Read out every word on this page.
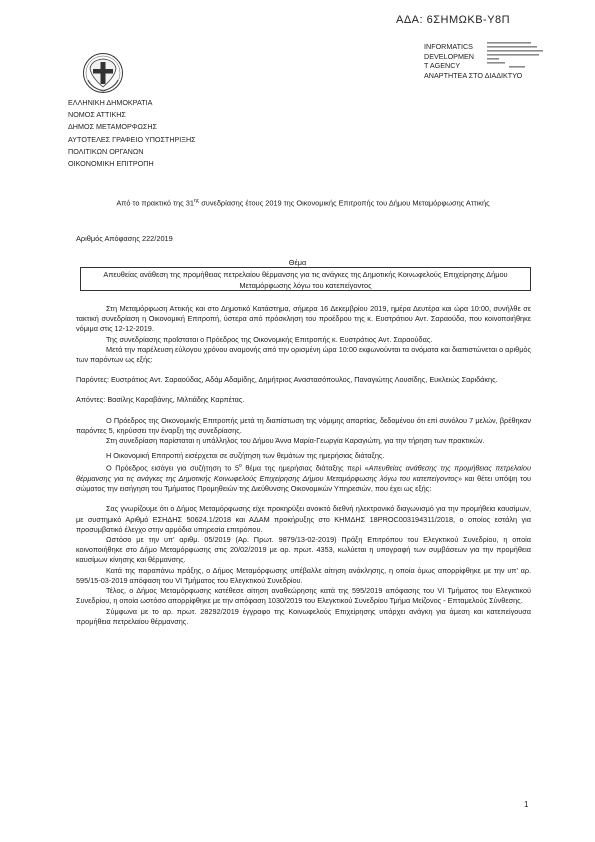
ΑΔΑ: 6ΣΗΜΩΚΒ-Υ8Π
INFORMATICS
DEVELOPMEN
T AGENCY
ΑΝΑΡΤΗΤΕΑ ΣΤΟ ΔΙΑΔΙΚΤΥΟ
ΕΛΛΗΝΙΚΗ ΔΗΜΟΚΡΑΤΙΑ
ΝΟΜΟΣ ΑΤΤΙΚΗΣ
ΔΗΜΟΣ ΜΕΤΑΜΟΡΦΩΣΗΣ
ΑΥΤΟΤΕΛΕΣ ΓΡΑΦΕΙΟ ΥΠΟΣΤΗΡΙΞΗΣ
ΠΟΛΙΤΙΚΩΝ ΟΡΓΑΝΩΝ
ΟΙΚΟΝΟΜΙΚΗ ΕΠΙΤΡΟΠΗ
Από το πρακτικό της $31^{\eta\varsigma}$ συνεδρίασης έτους 2019 της Οικονομικής Επιτροπής του Δήμου Μεταμόρφωσης Αττικής
Αριθμός Απόφασης 222/2019
Θέμα
Απευθείας ανάθεση της προμήθειας πετρελαίου θέρμανσης για τις ανάγκες της Δημοτικής Κοινωφελούς Επιχείρησης Δήμου Μεταμόρφωσης λόγω του κατεπείγοντος

Στη Μεταμόρφωση Αττικής και στο Δημοτικό Κατάστημα, σήμερα 16 Δεκεμβρίου 2019, ημέρα Δευτέρα και ώρα 10:00, συνήλθε σε τακτική συνεδρίαση η Οικονομική Επιτροπή, ύστερα από πρόσκληση του προέδρου της κ. Ευστράτιου Αντ. Σαραούδα, που κοινοποιήθηκε νόμιμα στις 12-12-2019.

Της συνεδρίασης προΐσταται ο Πρόεδρος της Οικονομικής Επιτροπής κ. Ευστράτιος Αντ. Σαραούδας.

Μετά την παρέλευση εύλογου χρόνου αναμονής από την ορισμένη ώρα 10:00 εκφωνούνται τα ονόματα και διαπιστώνεται ο αριθμός των παρόντων ως εξής:

Παρόντες: Ευστράτιος Αντ. Σαραούδας, Αδάμ Αδαμίδης, Δημήτριος Αναστασόπουλος, Παναγιώτης Λουσίδης, Ευκλειώς Σαριδάκης.

Απόντες: Βασίλης Καραβάνης, Μιλτιάδης Καρπέτας.

Ο Πρόεδρος της Οικονομικής Επιτροπής μετά τη διαπίστωση της νόμιμης απαρτίας, δεδομένου ότι επί συνόλου 7 μελών, βρέθηκαν παρόντες 5, κηρύσσει την έναρξη της συνεδρίασης.

Στη συνεδρίαση παρίσταται η υπάλληλος του Δήμου Άννα Μαρία-Γεωργία Καραγιώτη, για την τήρηση των πρακτικών.

Η Οικονομική Επιτροπή εισέρχεται σε συζήτηση των θεμάτων της ημερήσιας διάταξης.

Ο Πρόεδρος εισάγει για συζήτηση το $5^o$ θέμα της ημερήσιας διάταξης περί «Απευθείας ανάθεσης της προμήθειας πετρελαίου θέρμανσης για τις ανάγκες της Δημοτικής Κοινωφελούς Επιχείρησης Δήμου Μεταμόρφωσης λόγω του κατεπείγοντος» και θέτει υπόψη του σώματος την εισήγηση του Τμήματος Προμηθειών της Διεύθυνσης Οικονομικών Υπηρεσιών, που έχει ως εξής:

Σας γνωρίζουμε ότι ο Δήμος Μεταμόρφωσης είχε προκηρύξει ανοικτό διεθνή ηλεκτρονικό διαγωνισμό για την προμήθεια καυσίμων, με συστημικό Αριθμό ΕΣΗΔΗΣ 50624.1/2018 και ΑΔΑΜ προκήρυξης στο ΚΗΜΔΗΣ 18PROC003194311/2018, ο οποίος εστάλη για προσυμβατικό έλεγχο στην αρμόδια υπηρεσία επιτρόπου.

Ωστόσο με την υπ’ αριθμ. 05/2019 (Αρ. Πρωτ. 9879/13-02-2019) Πράξη Επιτρόπου του Ελεγκτικού Συνεδρίου, η οποία κοινοποιήθηκε στο Δήμο Μεταμόρφωσης στις 20/02/2019 με αρ. πρωτ. 4353, κωλύεται η υπογραφή των συμβάσεων για την προμήθεια καυσίμων κίνησης και θέρμανσης.

Κατά της παραπάνω πράξης, ο Δήμος Μεταμόρφωσης υπέβαλλε αίτηση ανάκλησης, η οποία όμως απορρίφθηκε με την υπ’ αρ. 595/15-03-2019 απόφαση του VI Τμήματος του Ελεγκτικού Συνεδρίου.

Τέλος, ο Δήμος Μεταμόρφωσης κατέθεσε αίτηση αναθεώρησης κατά της 595/2019 απόφασης του VI Τμήματος του Ελεγκτικού Συνεδρίου, η οποία ωστόσο απορρίφθηκε με την απόφαση 1030/2019 του Ελεγκτικού Συνεδρίου Τμήμα Μείζονος - Επταμελούς Σύνθεσης.

Σύμφωνα με το αρ. πρωτ. 28292/2019 έγγραφο της Κοινωφελούς Επιχείρησης υπάρχει ανάγκη για άμεση και κατεπείγουσα προμήθεια πετρελαίου θέρμανσης.

1
